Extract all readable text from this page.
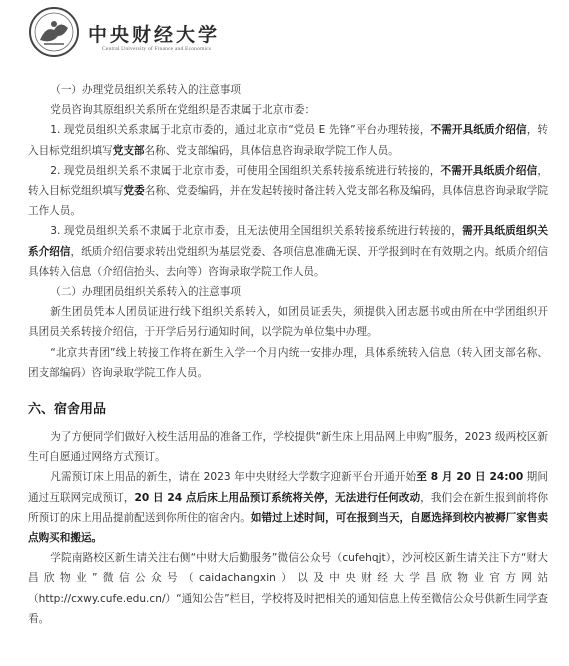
中央财经大学
Central University of Finance and Economics

（一）办理党员组织关系转入的注意事项

党员咨询其原组织关系所在党组织是否隶属于北京市委：

1. 现党员组织关系隶属于北京市委的，通过北京市“党员 E 先锋”平台办理转接，不需开具纸质介绍信，转入目标党组织填写党支部名称、党支部编码，具体信息咨询录取学院工作人员。

2. 现党员组织关系不隶属于北京市委，可使用全国组织关系转接系统进行转接的，不需开具纸质介绍信，转入目标党组织填写党委名称、党委编码，并在发起转接时备注转入党支部名称及编码，具体信息咨询录取学院工作人员。

3. 现党员组织关系不隶属于北京市委，且无法使用全国组织关系转接系统进行转接的，需开具纸质组织关系介绍信，纸质介绍信要求转出党组织为基层党委、各项信息准确无误、开学报到时在有效期之内。纸质介绍信具体转入信息（介绍信抬头、去向等）咨询录取学院工作人员。

（二）办理团员组织关系转入的注意事项

新生团员凭本人团员证进行线下组织关系转入，如团员证丢失，须提供入团志愿书或由所在中学团组织开具团员关系转接介绍信，于开学后另行通知时间，以学院为单位集中办理。

“北京共青团”线上转接工作将在新生入学一个月内统一安排办理，具体系统转入信息（转入团支部名称、团支部编码）咨询录取学院工作人员。

六、宿舍用品

为了方便同学们做好入校生活用品的准备工作，学校提供“新生床上用品网上申购”服务，2023 级两校区新生可自愿通过网络方式预订。

凡需预订床上用品的新生，请在 2023 年中央财经大学数字迎新平台开通开始至 8 月 20 日 24:00 期间通过互联网完成预订，20 日 24 点后床上用品预订系统将关停，无法进行任何改动，我们会在新生报到前将你所预订的床上用品提前配送到你所住的宿舍内。如错过上述时间，可在报到当天，自愿选择到校内被褥厂家售卖点购买和搬运。

学院南路校区新生请关注右侧“中财大后勤服务”微信公众号（cufehqjt），沙河校区新生请关注下方“财大昌欣物业”微信公众号（caidachangxin）以及中央财经大学昌欣物业官方网站（http://cxwy.cufe.edu.cn/）“通知公告”栏目，学校将及时把相关的通知信息上传至微信公众号供新生同学查看。
